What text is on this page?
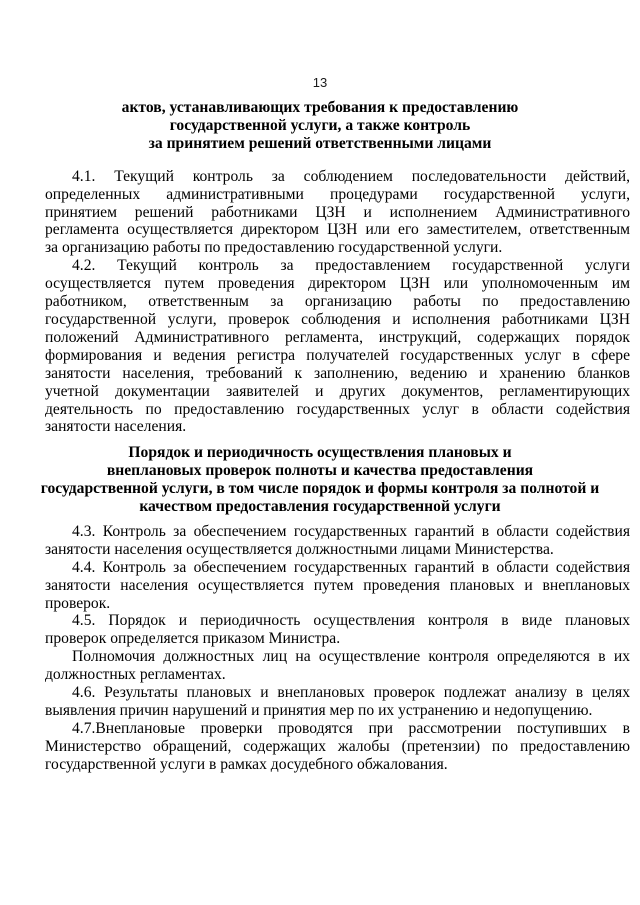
13
актов, устанавливающих требования к предоставлению
государственной услуги, а также контроль
за принятием решений ответственными лицами

4.1. Текущий контроль за соблюдением последовательности действий,
определенных административными процедурами государственной услуги,
принятием решений работниками ЦЗН и исполнением Административного
регламента осуществляется директором ЦЗН или его заместителем, ответственным
за организацию работы по предоставлению государственной услуги.

4.2. Текущий контроль за предоставлением государственной услуги
осуществляется путем проведения директором ЦЗН или уполномоченным им
работником, ответственным за организацию работы по предоставлению
государственной услуги, проверок соблюдения и исполнения работниками ЦЗН
положений Административного регламента, инструкций, содержащих порядок
формирования и ведения регистра получателей государственных услуг в сфере
занятости населения, требований к заполнению, ведению и хранению бланков
учетной документации заявителей и других документов, регламентирующих
деятельность по предоставлению государственных услуг в области содействия
занятости населения.

Порядок и периодичность осуществления плановых и
внеплановых проверок полноты и качества предоставления
государственной услуги, в том числе порядок и формы контроля за полнотой и
качеством предоставления государственной услуги

4.3. Контроль за обеспечением государственных гарантий в области содействия
занятости населения осуществляется должностными лицами Министерства.

4.4. Контроль за обеспечением государственных гарантий в области содействия
занятости населения осуществляется путем проведения плановых и внеплановых
проверок.

4.5. Порядок и периодичность осуществления контроля в виде плановых
проверок определяется приказом Министра.

Полномочия должностных лиц на осуществление контроля определяются в их
должностных регламентах.

4.6. Результаты плановых и внеплановых проверок подлежат анализу в целях
выявления причин нарушений и принятия мер по их устранению и недопущению.

4.7.Внеплановые проверки проводятся при рассмотрении поступивших в
Министерство обращений, содержащих жалобы (претензии) по предоставлению
государственной услуги в рамках досудебного обжалования.
